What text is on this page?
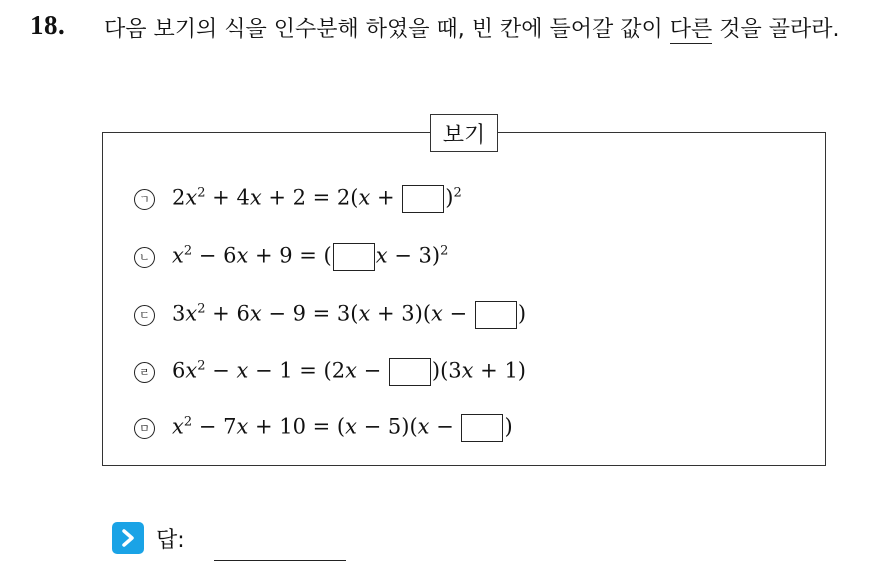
18. 다음 보기의 식을 인수분해 하였을 때, 빈 칸에 들어갈 값이 다른 것을 골라라.
보기
ㄱ $2x^2 + 4x + 2 = 2(x + )^2$
ㄴ $x^2 - 6x + 9$ = ( x − 3)$^2$
ㄷ $3x^2 + 6x - 9 = 3(x + 3)(x$ − )
ㄹ $6x^2 - x - 1 = (2x - )(3x + 1)$
ㅁ $x^2 - 7x + 10 = (x - 5)(x$ − )
답:
